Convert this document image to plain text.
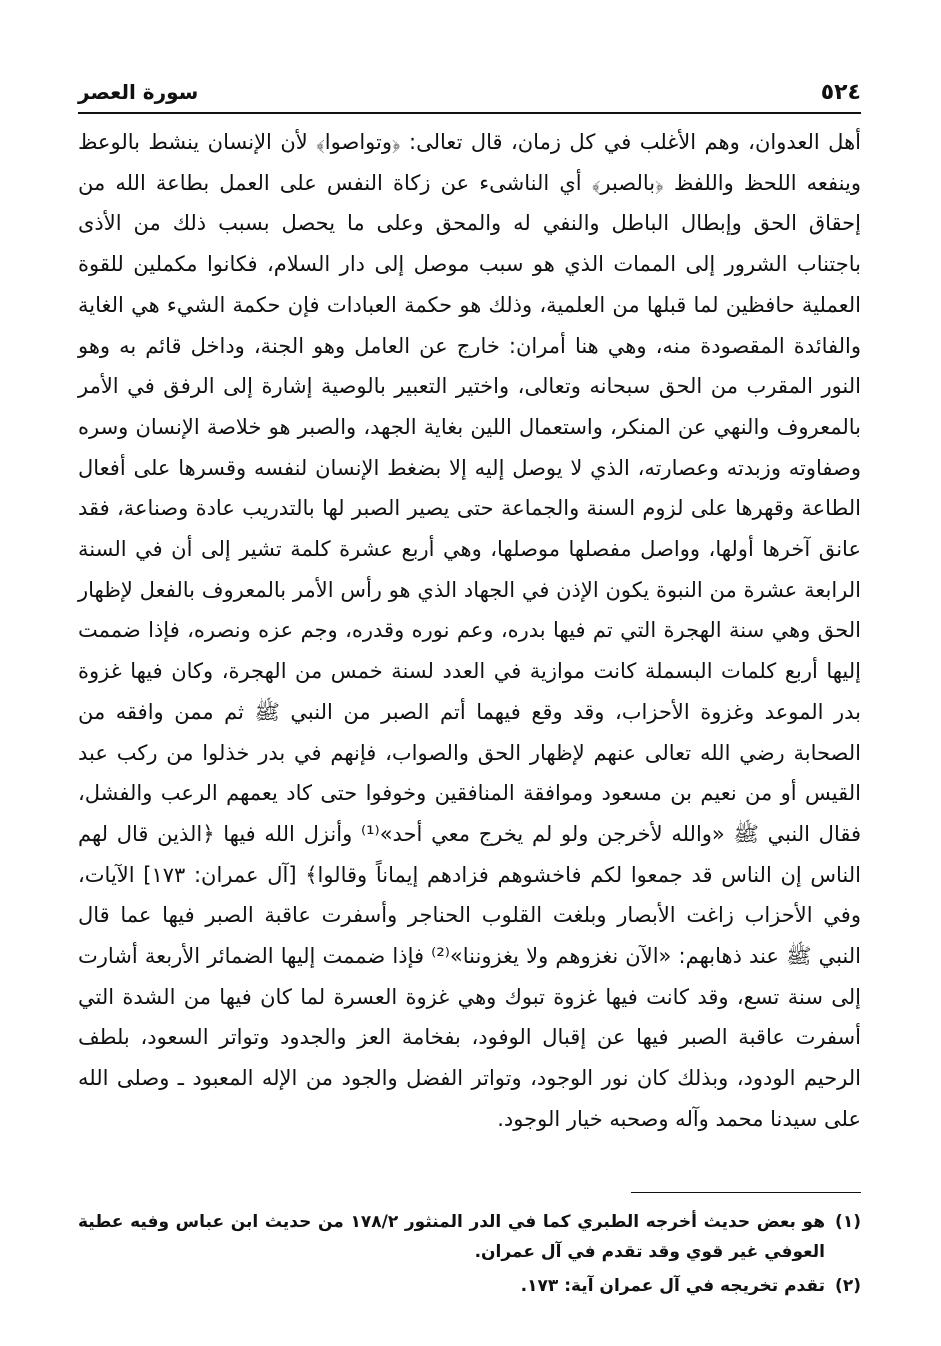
٥٢٤
سورة العصر

أهل العدوان، وهم الأغلب في كل زمان، قال تعالى: ﴿وتواصوا﴾ لأن الإنسان ينشط بالوعظ وينفعه اللحظ واللفظ ﴿بالصبر﴾ أي الناشىء عن زكاة النفس على العمل بطاعة الله من إحقاق الحق وإبطال الباطل والنفي له والمحق وعلى ما يحصل بسبب ذلك من الأذى باجتناب الشرور إلى الممات الذي هو سبب موصل إلى دار السلام، فكانوا مكملين للقوة العملية حافظين لما قبلها من العلمية، وذلك هو حكمة العبادات فإن حكمة الشيء هي الغاية والفائدة المقصودة منه، وهي هنا أمران: خارج عن العامل وهو الجنة، وداخل قائم به وهو النور المقرب من الحق سبحانه وتعالى، واختير التعبير بالوصية إشارة إلى الرفق في الأمر بالمعروف والنهي عن المنكر، واستعمال اللين بغاية الجهد، والصبر هو خلاصة الإنسان وسره وصفاوته وزبدته وعصارته، الذي لا يوصل إليه إلا بضغط الإنسان لنفسه وقسرها على أفعال الطاعة وقهرها على لزوم السنة والجماعة حتى يصير الصبر لها بالتدريب عادة وصناعة، فقد عانق آخرها أولها، وواصل مفصلها موصلها، وهي أربع عشرة كلمة تشير إلى أن في السنة الرابعة عشرة من النبوة يكون الإذن في الجهاد الذي هو رأس الأمر بالمعروف بالفعل لإظهار الحق وهي سنة الهجرة التي تم فيها بدره، وعم نوره وقدره، وجم عزه ونصره، فإذا ضممت إليها أربع كلمات البسملة كانت موازية في العدد لسنة خمس من الهجرة، وكان فيها غزوة بدر الموعد وغزوة الأحزاب، وقد وقع فيهما أتم الصبر من النبي ﷺ ثم ممن وافقه من الصحابة رضي الله تعالى عنهم لإظهار الحق والصواب، فإنهم في بدر خذلوا من ركب عبد القيس أو من نعيم بن مسعود وموافقة المنافقين وخوفوا حتى كاد يعمهم الرعب والفشل، فقال النبي ﷺ «والله لأخرجن ولو لم يخرج معي أحد»⁽¹⁾ وأنزل الله فيها ﴿الذين قال لهم الناس إن الناس قد جمعوا لكم فاخشوهم فزادهم إيماناً وقالوا﴾ [آل عمران: ١٧٣] الآيات، وفي الأحزاب زاغت الأبصار وبلغت القلوب الحناجر وأسفرت عاقبة الصبر فيها عما قال النبي ﷺ عند ذهابهم: «الآن نغزوهم ولا يغزوننا»⁽²⁾ فإذا ضممت إليها الضمائر الأربعة أشارت إلى سنة تسع، وقد كانت فيها غزوة تبوك وهي غزوة العسرة لما كان فيها من الشدة التي أسفرت عاقبة الصبر فيها عن إقبال الوفود، بفخامة العز والجدود وتواتر السعود، بلطف الرحيم الودود، وبذلك كان نور الوجود، وتواتر الفضل والجود من الإله المعبود ـ وصلى الله على سيدنا محمد وآله وصحبه خيار الوجود.

(١)
هو بعض حديث أخرجه الطبري كما في الدر المنثور ١٧٨/٢ من حديث ابن عباس وفيه عطية العوفي غير قوي وقد تقدم في آل عمران.
(٢)
تقدم تخريجه في آل عمران آية: ١٧٣.
